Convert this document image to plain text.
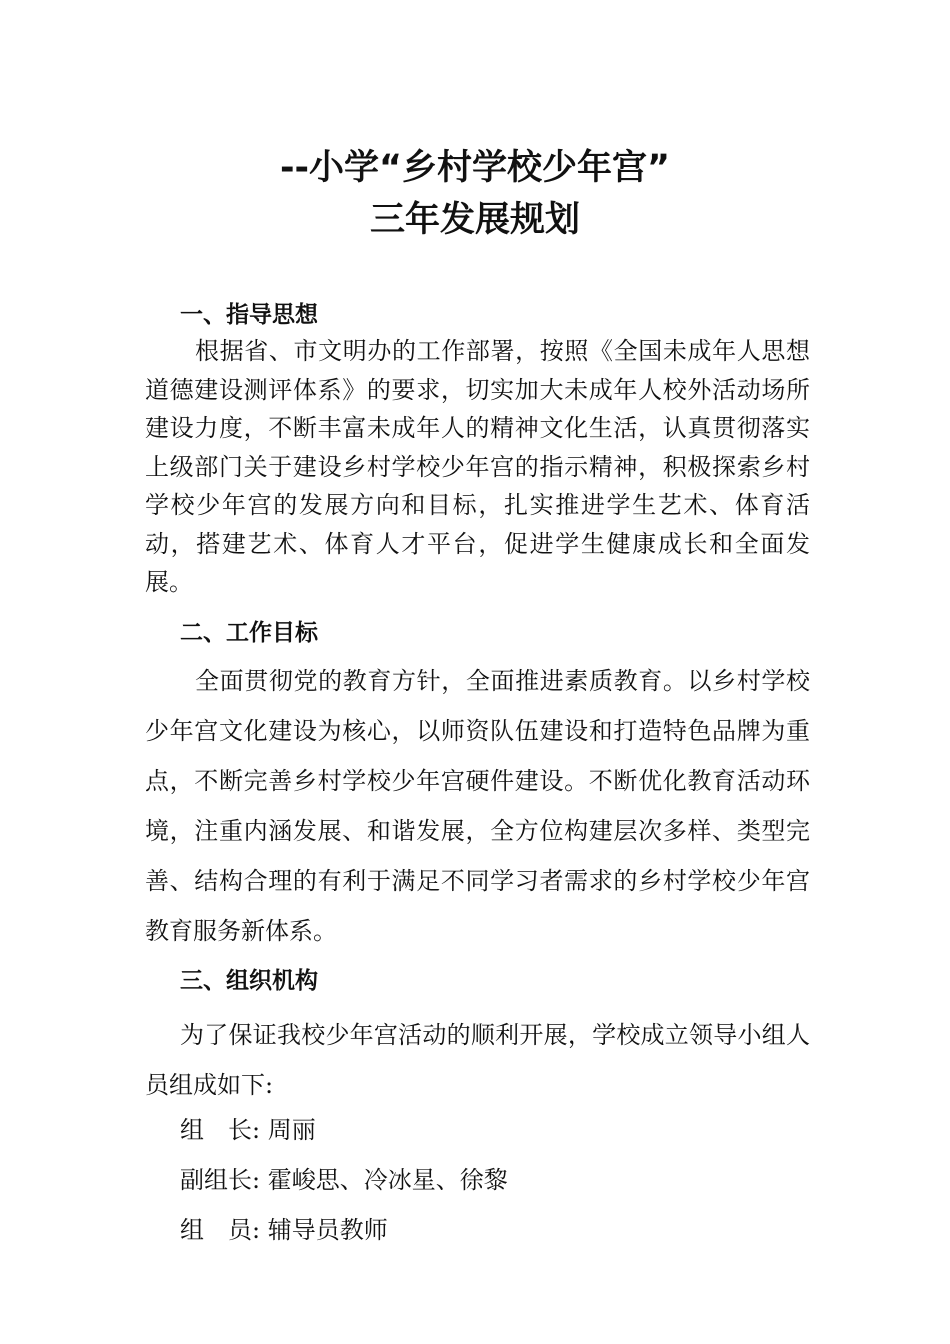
--小学“乡村学校少年宫”
三年发展规划
一、指导思想

根据省、市文明办的工作部署，按照《全国未成年人思想道德建设测评体系》的要求，切实加大未成年人校外活动场所建设力度，不断丰富未成年人的精神文化生活，认真贯彻落实上级部门关于建设乡村学校少年宫的指示精神，积极探索乡村学校少年宫的发展方向和目标，扎实推进学生艺术、体育活动，搭建艺术、体育人才平台，促进学生健康成长和全面发展。

二、工作目标

全面贯彻党的教育方针，全面推进素质教育。以乡村学校少年宫文化建设为核心，以师资队伍建设和打造特色品牌为重点，不断完善乡村学校少年宫硬件建设。不断优化教育活动环境，注重内涵发展、和谐发展，全方位构建层次多样、类型完善、结构合理的有利于满足不同学习者需求的乡村学校少年宫教育服务新体系。

三、组织机构

为了保证我校少年宫活动的顺利开展，学校成立领导小组人员组成如下:

组　长: 周丽
副组长: 霍峻思、冷冰星、徐黎
组　员: 辅导员教师
